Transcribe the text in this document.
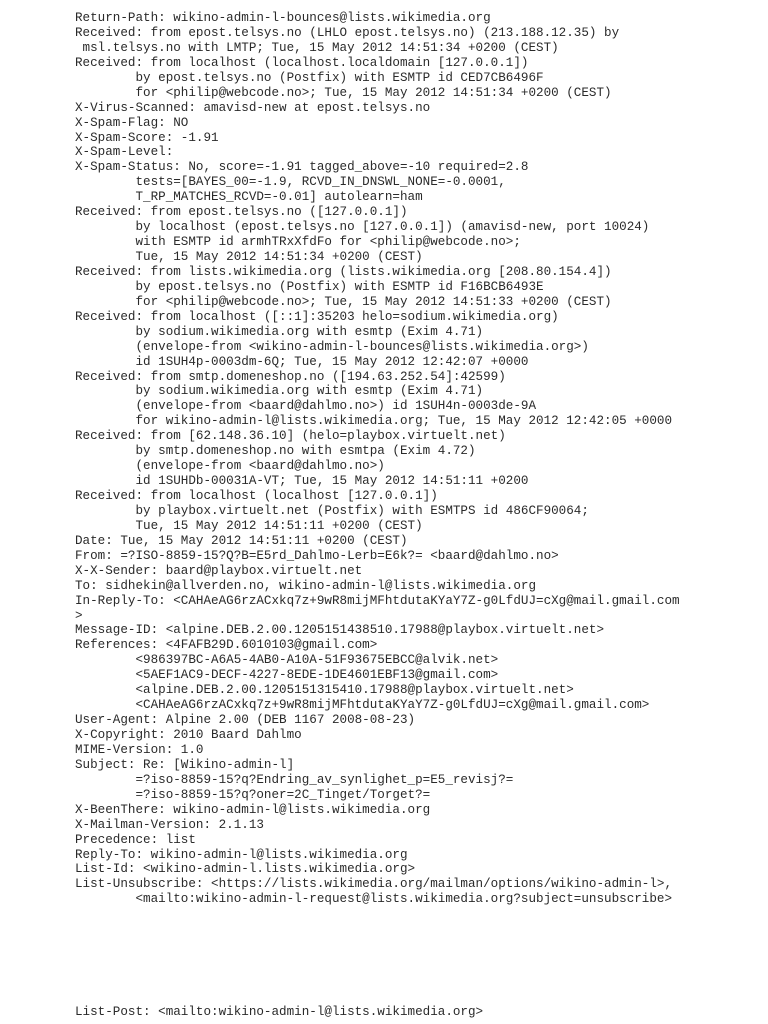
Return-Path: wikino-admin-l-bounces@lists.wikimedia.org
Received: from epost.telsys.no (LHLO epost.telsys.no) (213.188.12.35) by
msl.telsys.no with LMTP; Tue, 15 May 2012 14:51:34 +0200 (CEST)
Received: from localhost (localhost.localdomain [127.0.0.1])
by epost.telsys.no (Postfix) with ESMTP id CED7CB6496F
for <philip@webcode.no>; Tue, 15 May 2012 14:51:34 +0200 (CEST)
X-Virus-Scanned: amavisd-new at epost.telsys.no
X-Spam-Flag: NO
X-Spam-Score: -1.91
X-Spam-Level:
X-Spam-Status: No, score=-1.91 tagged_above=-10 required=2.8
tests=[BAYES_00=-1.9, RCVD_IN_DNSWL_NONE=-0.0001,
T_RP_MATCHES_RCVD=-0.01] autolearn=ham
Received: from epost.telsys.no ([127.0.0.1])
by localhost (epost.telsys.no [127.0.0.1]) (amavisd-new, port 10024)
with ESMTP id armhTRxXfdFo for <philip@webcode.no>;
Tue, 15 May 2012 14:51:34 +0200 (CEST)
Received: from lists.wikimedia.org (lists.wikimedia.org [208.80.154.4])
by epost.telsys.no (Postfix) with ESMTP id F16BCB6493E
for <philip@webcode.no>; Tue, 15 May 2012 14:51:33 +0200 (CEST)
Received: from localhost ([::1]:35203 helo=sodium.wikimedia.org)
by sodium.wikimedia.org with esmtp (Exim 4.71)
(envelope-from <wikino-admin-l-bounces@lists.wikimedia.org>)
id 1SUH4p-0003dm-6Q; Tue, 15 May 2012 12:42:07 +0000
Received: from smtp.domeneshop.no ([194.63.252.54]:42599)
by sodium.wikimedia.org with esmtp (Exim 4.71)
(envelope-from <baard@dahlmo.no>) id 1SUH4n-0003de-9A
for wikino-admin-l@lists.wikimedia.org; Tue, 15 May 2012 12:42:05 +0000
Received: from [62.148.36.10] (helo=playbox.virtuelt.net)
by smtp.domeneshop.no with esmtpa (Exim 4.72)
(envelope-from <baard@dahlmo.no>)
id 1SUHDb-00031A-VT; Tue, 15 May 2012 14:51:11 +0200
Received: from localhost (localhost [127.0.0.1])
by playbox.virtuelt.net (Postfix) with ESMTPS id 486CF90064;
Tue, 15 May 2012 14:51:11 +0200 (CEST)
Date: Tue, 15 May 2012 14:51:11 +0200 (CEST)
From: =?ISO-8859-15?Q?B=E5rd_Dahlmo-Lerb=E6k?= <baard@dahlmo.no>
X-X-Sender: baard@playbox.virtuelt.net
To: sidhekin@allverden.no, wikino-admin-l@lists.wikimedia.org
In-Reply-To: <CAHAeAG6rzACxkq7z+9wR8mijMFhtdutaKYaY7Z-g0LfdUJ=cXg@mail.gmail.com
>
Message-ID: <alpine.DEB.2.00.1205151438510.17988@playbox.virtuelt.net>
References: <4FAFB29D.6010103@gmail.com>
<986397BC-A6A5-4AB0-A10A-51F93675EBCC@alvik.net>
<5AEF1AC9-DECF-4227-8EDE-1DE4601EBF13@gmail.com>
<alpine.DEB.2.00.1205151315410.17988@playbox.virtuelt.net>
<CAHAeAG6rzACxkq7z+9wR8mijMFhtdutaKYaY7Z-g0LfdUJ=cXg@mail.gmail.com>
User-Agent: Alpine 2.00 (DEB 1167 2008-08-23)
X-Copyright: 2010 Baard Dahlmo
MIME-Version: 1.0
Subject: Re: [Wikino-admin-l]
=?iso-8859-15?q?Endring_av_synlighet_p=E5_revisj?=
=?iso-8859-15?q?oner=2C_Tinget/Torget?=
X-BeenThere: wikino-admin-l@lists.wikimedia.org
X-Mailman-Version: 2.1.13
Precedence: list
Reply-To: wikino-admin-l@lists.wikimedia.org
List-Id: <wikino-admin-l.lists.wikimedia.org>
List-Unsubscribe: <https://lists.wikimedia.org/mailman/options/wikino-admin-l>,
<mailto:wikino-admin-l-request@lists.wikimedia.org?subject=unsubscribe>
List-Post: <mailto:wikino-admin-l@lists.wikimedia.org>
